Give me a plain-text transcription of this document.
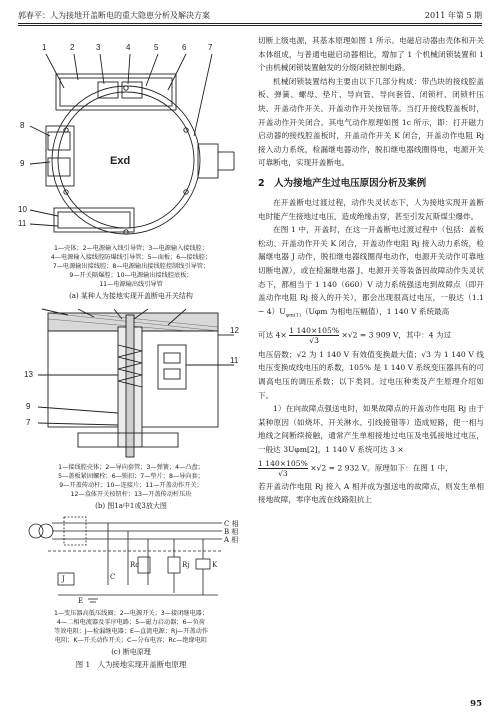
郭春平：人为接地开盖断电的重大隐患分析及解决方案	2011 年第 5 期
1	2	3	4	5	6	7
8
9
10
11
Exd
1—壳体；2—电源输入线引导管；3—电源输入接线腔；
4—电源输入接线腔防爆线引导管；5—面板；6—接线腔；
7—电源输出接线腔；8—电源输出接线腔控制线引导管；
9—开关隔爆腔；10—电源输出接线腔底板；
11—电源输出线引导管
(a) 某种人为接地实现开盖断电开关结构
13
9
7
12
11
1—接线腔壳体；2—导向套管；3—弹簧；4—凸盘；
5—盖板紧固螺栓；6—锁扣；7—垫片；8—导向套；
9—开盖传动杆；10—连接片；11—开盖动作开关；
12—盒体开关按钮杆；13—开盖传动杆压块
(b) 图1a中1或3放大图
C 相
B 相
A 相
J
E
Rj
Rc	K
C
1—变压器高低压线圈；2—电源开关；3—接闭继电器；
4—二相电流器及零序电路；5—磁力启动器；6—负荷
等效电阻；J—检漏继电器；E—直流电源；Rj—开盖动作
电阻；K—开关动作开关；C—分布电容；Rc—绝缘电阻
(c) 断电原理
图 1　人为接地实现开盖断电原理

切断上级电源，其基本原理如图 1 所示。电磁启动器由壳体和开关本体组成，与普通电磁启动器相比，增加了 1 个机械闭锁装置和 1 个由机械闭锁装置触发的分级闭锁控制电路。

机械闭锁装置结构主要由以下几部分构成：带凸块的接线腔盖板、弹簧、螺母、垫片、导向管、导向套管、闭锁杆、闭锁杆压块、开盖动作开关、开盖动作开关按钮等。当打开接线腔盖板时，开盖动作开关闭合。其电气动作原理如图 1c 所示，即：打开磁力启动器的接线腔盖板时，开盖动作开关 K 闭合，开盖动作电阻 Rj 接入动力系统，检漏继电器动作，脱扣继电器线圈得电，电源开关可靠断电，实现开盖断电。

2　人为接地产生过电压原因分析及案例

在开盖断电过渡过程，动作失灵状态下，人为接地实现开盖断电时能产生接地过电压，造成绝缘击穿，甚至引发瓦斯煤尘爆炸。

在图 1 中，开盖时，在这一开盖断电过渡过程中（包括：盖板松动、开盖动作开关 K 闭合，开盖动作电阻 Rj 接入动力系统，检漏继电器 J 动作，脱扣继电器线圈得电动作，电源开关动作可靠地切断电源），或在检漏继电器 J、电源开关等装备因故障动作失灵状态下，都相当于 1 140（660）V 动力系统强送电到故障点（即开盖动作电阻 Rj 接入的开关），都会出现很高过电压，一般达$(1.1 - 4)U_{\varphi m(1)}(U\varphi m$ 为相电压幅值），1 140 V 系统最高

可达 $4\times \frac{1 140\times 105\%}{√3} \times√2 = 3$ 909 V，其中：4 为过

电压倍数；√2 为 1 140 V 有效值变换最大值；√3 为 1 140 V 线电压变换成线电压的系数，105% 是 1 140 V 系统变压器具有的可调高电压的调压系数；以下类同。过电压种类及产生原理介绍如下。

1）在向故障点强送电时，如果故障点的开盖动作电阻 Rj 由于某种原因（如烧坏、开关淋水、引线接错等）造成短路，使一相与地线之间断续接触，通常产生单相接地过电压及电弧接地过电压，一般达 3Uφm[2]，1 140 V 系统可达 3 ×

$\frac{1 140\times 105\%}{√3} \times√2 = 2$ 932 V。原理如下：在图 1 中，

若开盖动作电阻 Rj 接入 A 相并成为强送电的故障点，则发生单相接地故障，零序电流在线路阻抗上

95
